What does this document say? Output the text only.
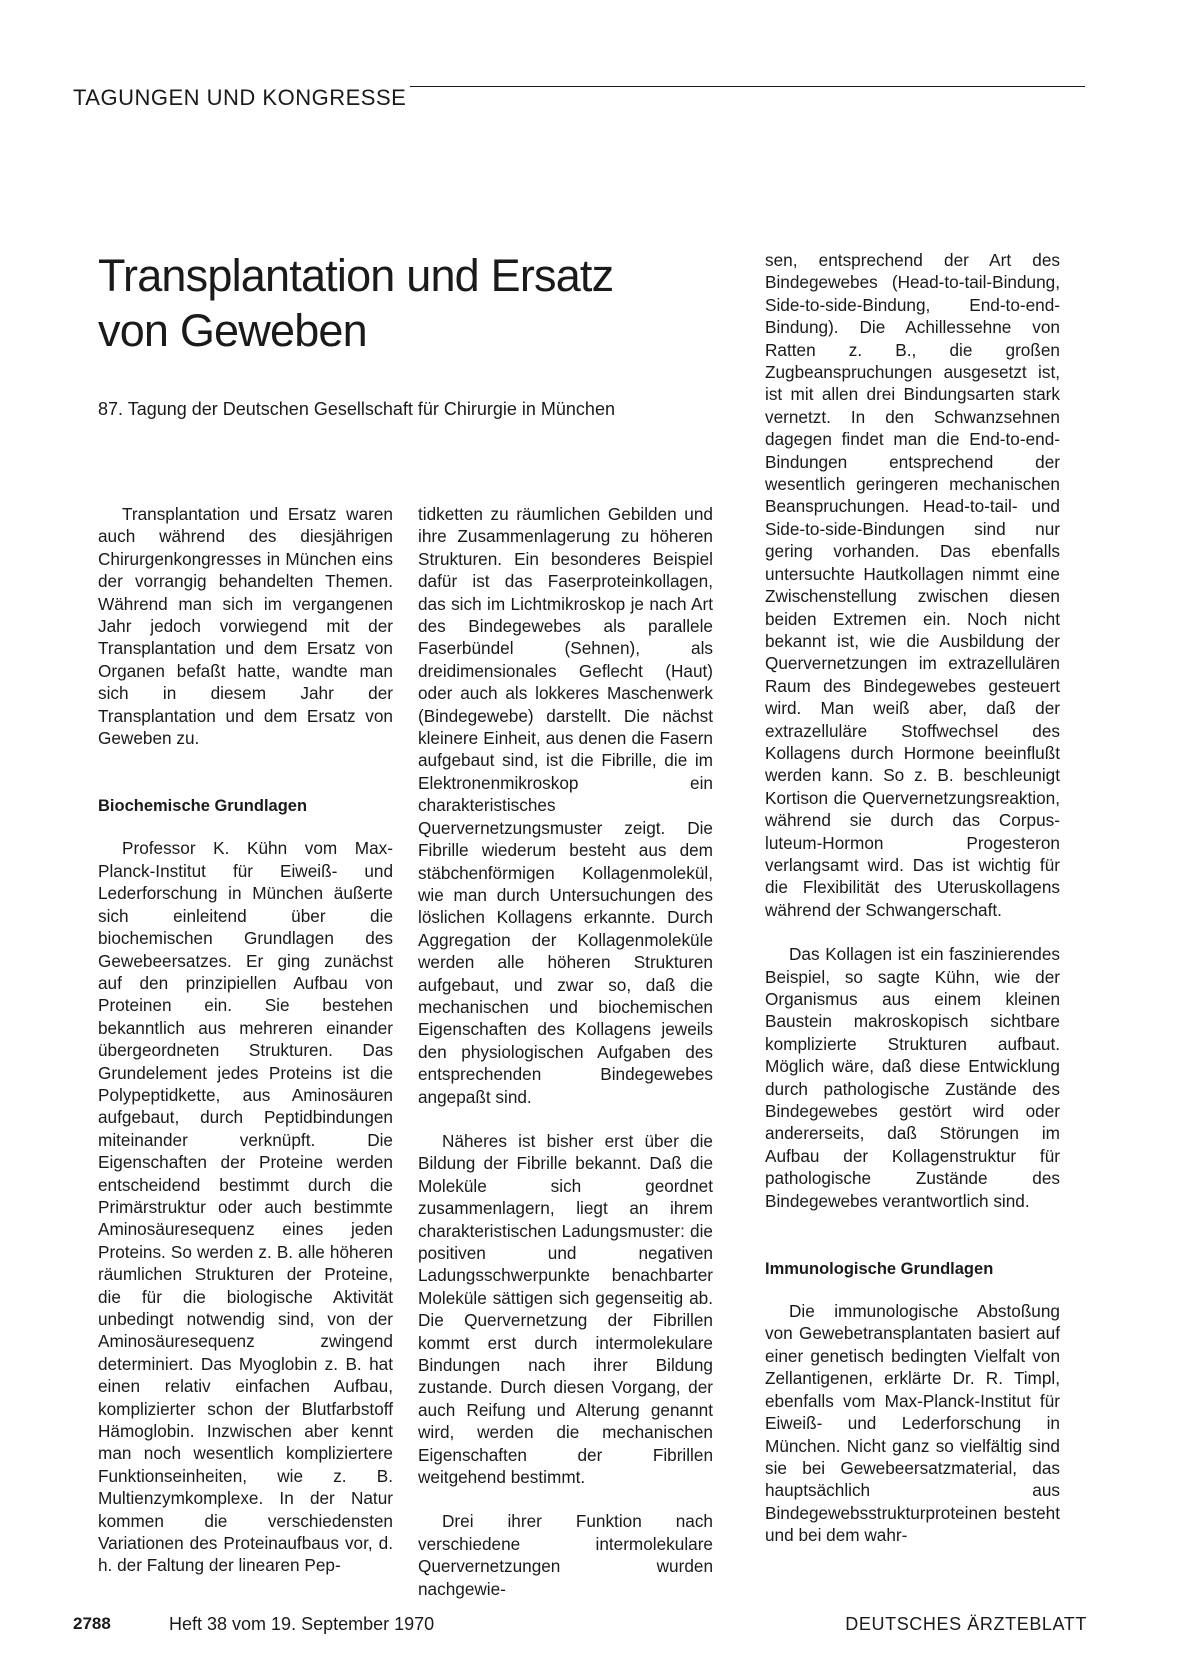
TAGUNGEN UND KONGRESSE
Transplantation und Ersatz
von Geweben

87. Tagung der Deutschen Gesellschaft für Chirurgie in München

Transplantation und Ersatz waren auch während des diesjährigen Chirurgenkongresses in München eins der vorrangig behandelten Themen. Während man sich im vergangenen Jahr jedoch vorwiegend mit der Transplantation und dem Ersatz von Organen befaßt hatte, wandte man sich in diesem Jahr der Transplantation und dem Ersatz von Geweben zu.

Biochemische Grundlagen

Professor K. Kühn vom Max-Planck-Institut für Eiweiß- und Lederforschung in München äußerte sich einleitend über die biochemischen Grundlagen des Gewebeersatzes. Er ging zunächst auf den prinzipiellen Aufbau von Proteinen ein. Sie bestehen bekanntlich aus mehreren einander übergeordneten Strukturen. Das Grundelement jedes Proteins ist die Polypeptidkette, aus Aminosäuren aufgebaut, durch Peptidbindungen miteinander verknüpft. Die Eigenschaften der Proteine werden entscheidend bestimmt durch die Primärstruktur oder auch bestimmte Aminosäuresequenz eines jeden Proteins. So werden z. B. alle höheren räumlichen Strukturen der Proteine, die für die biologische Aktivität unbedingt notwendig sind, von der Aminosäuresequenz zwingend determiniert. Das Myoglobin z. B. hat einen relativ einfachen Aufbau, komplizierter schon der Blutfarbstoff Hämoglobin. Inzwischen aber kennt man noch wesentlich kompliziertere Funktionseinheiten, wie z. B. Multienzymkomplexe. In der Natur kommen die verschiedensten Variationen des Proteinaufbaus vor, d. h. der Faltung der linearen Pep-

tidketten zu räumlichen Gebilden und ihre Zusammenlagerung zu höheren Strukturen. Ein besonderes Beispiel dafür ist das Faserproteinkollagen, das sich im Lichtmikroskop je nach Art des Bindegewebes als parallele Faserbündel (Sehnen), als dreidimensionales Geflecht (Haut) oder auch als lokkeres Maschenwerk (Bindegewebe) darstellt. Die nächst kleinere Einheit, aus denen die Fasern aufgebaut sind, ist die Fibrille, die im Elektronenmikroskop ein charakteristisches Quervernetzungsmuster zeigt. Die Fibrille wiederum besteht aus dem stäbchenförmigen Kollagenmolekül, wie man durch Untersuchungen des löslichen Kollagens erkannte. Durch Aggregation der Kollagenmoleküle werden alle höheren Strukturen aufgebaut, und zwar so, daß die mechanischen und biochemischen Eigenschaften des Kollagens jeweils den physiologischen Aufgaben des entsprechenden Bindegewebes angepaßt sind.

Näheres ist bisher erst über die Bildung der Fibrille bekannt. Daß die Moleküle sich geordnet zusammenlagern, liegt an ihrem charakteristischen Ladungsmuster: die positiven und negativen Ladungsschwerpunkte benachbarter Moleküle sättigen sich gegenseitig ab. Die Quervernetzung der Fibrillen kommt erst durch intermolekulare Bindungen nach ihrer Bildung zustande. Durch diesen Vorgang, der auch Reifung und Alterung genannt wird, werden die mechanischen Eigenschaften der Fibrillen weitgehend bestimmt.

Drei ihrer Funktion nach verschiedene intermolekulare Quervernetzungen wurden nachgewie-

sen, entsprechend der Art des Bindegewebes (Head-to-tail-Bindung, Side-to-side-Bindung, End-to-end-Bindung). Die Achillessehne von Ratten z. B., die großen Zugbeanspruchungen ausgesetzt ist, ist mit allen drei Bindungsarten stark vernetzt. In den Schwanzsehnen dagegen findet man die End-to-end-Bindungen entsprechend der wesentlich geringeren mechanischen Beanspruchungen. Head-to-tail- und Side-to-side-Bindungen sind nur gering vorhanden. Das ebenfalls untersuchte Hautkollagen nimmt eine Zwischenstellung zwischen diesen beiden Extremen ein. Noch nicht bekannt ist, wie die Ausbildung der Quervernetzungen im extrazellulären Raum des Bindegewebes gesteuert wird. Man weiß aber, daß der extrazelluläre Stoffwechsel des Kollagens durch Hormone beeinflußt werden kann. So z. B. beschleunigt Kortison die Quervernetzungsreaktion, während sie durch das Corpus-luteum-Hormon Progesteron verlangsamt wird. Das ist wichtig für die Flexibilität des Uteruskollagens während der Schwangerschaft.

Das Kollagen ist ein faszinierendes Beispiel, so sagte Kühn, wie der Organismus aus einem kleinen Baustein makroskopisch sichtbare komplizierte Strukturen aufbaut. Möglich wäre, daß diese Entwicklung durch pathologische Zustände des Bindegewebes gestört wird oder andererseits, daß Störungen im Aufbau der Kollagenstruktur für pathologische Zustände des Bindegewebes verantwortlich sind.

Immunologische Grundlagen

Die immunologische Abstoßung von Gewebetransplantaten basiert auf einer genetisch bedingten Vielfalt von Zellantigenen, erklärte Dr. R. Timpl, ebenfalls vom Max-Planck-Institut für Eiweiß- und Lederforschung in München. Nicht ganz so vielfältig sind sie bei Gewebeersatzmaterial, das hauptsächlich aus Bindegewebsstrukturproteinen besteht und bei dem wahr-

2788	Heft 38 vom 19. September 1970	DEUTSCHES ÄRZTEBLATT
